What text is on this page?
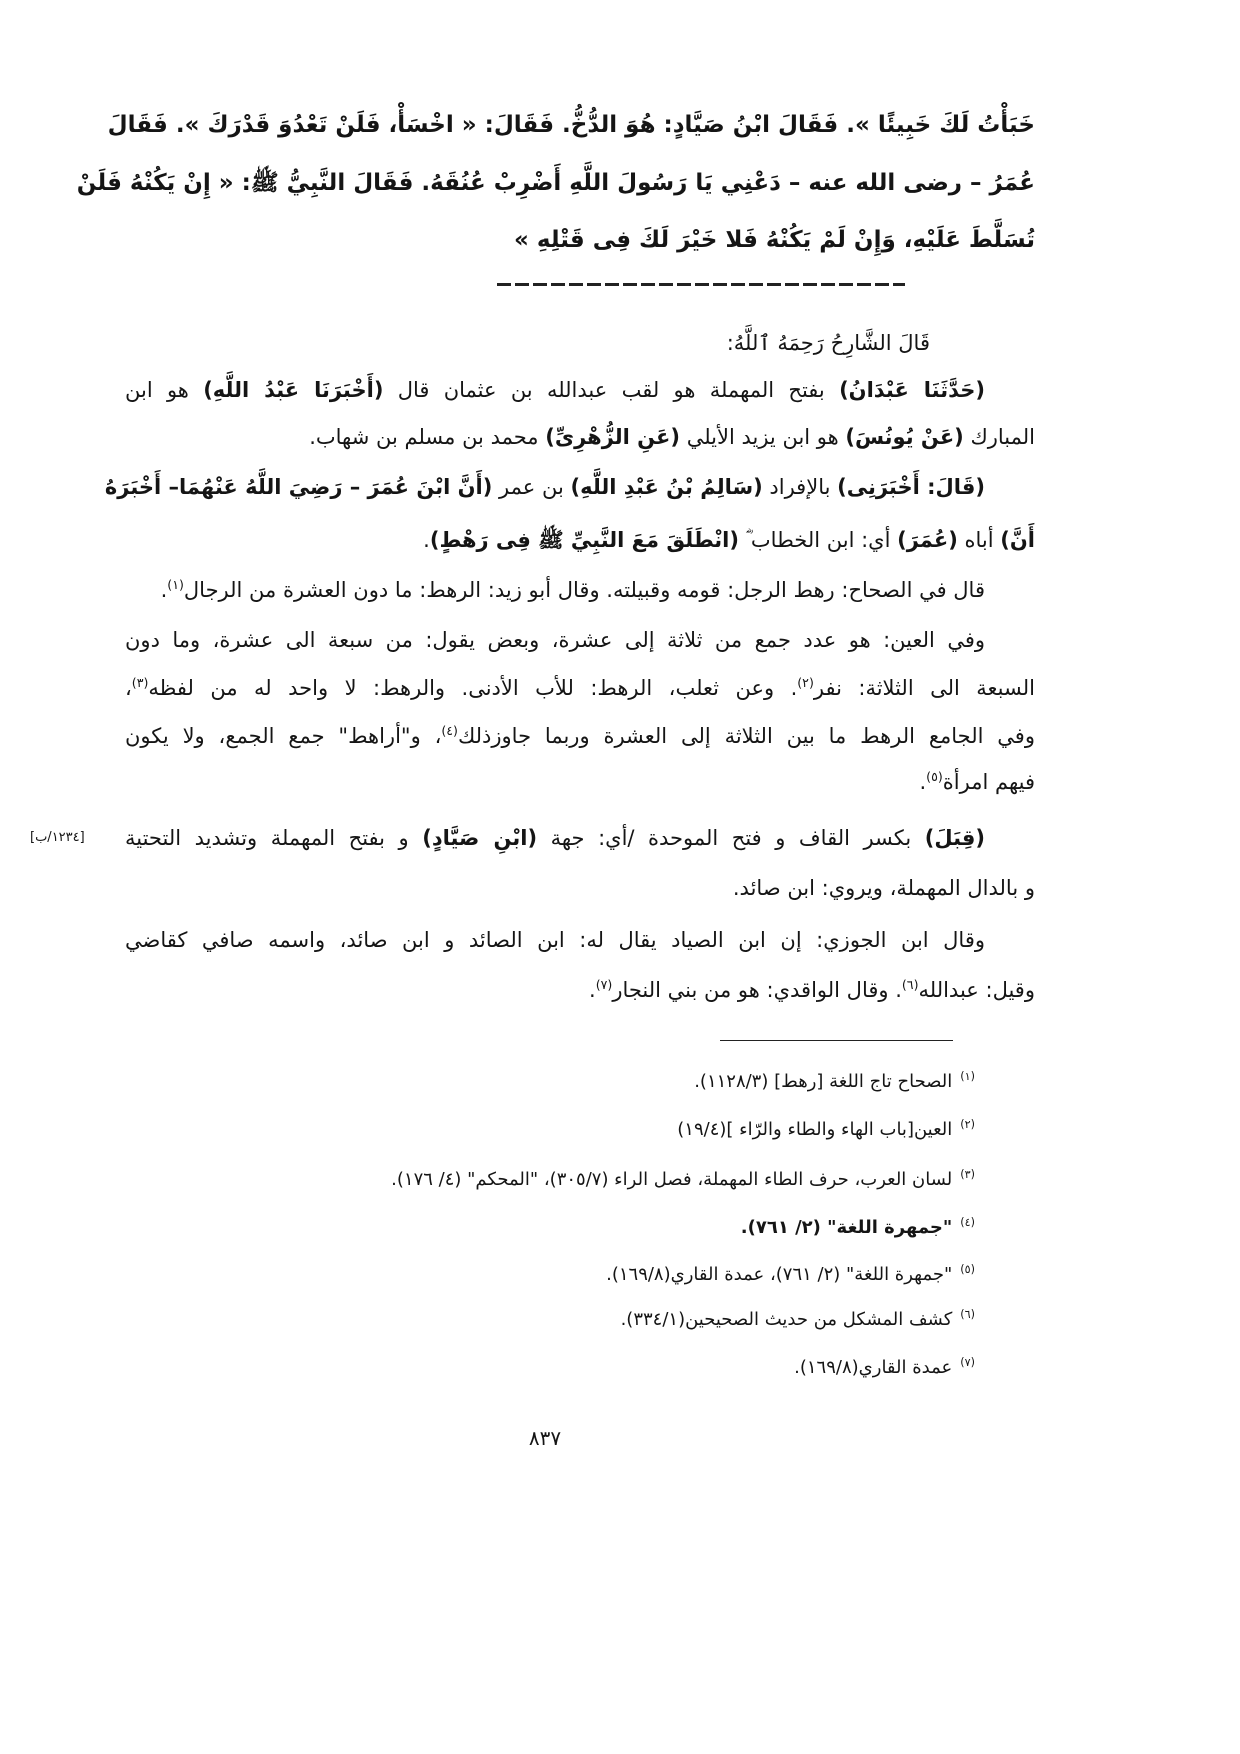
خَبَأْتُ لَكَ خَبِيئًا ». فَقَالَ ابْنُ صَيَّادٍ: هُوَ الدُّخُّ. فَقَالَ: « اخْسَأْ، فَلَنْ تَعْدُوَ قَدْرَكَ ». فَقَالَ
عُمَرُ – رضى الله عنه – دَعْنِي يَا رَسُولَ اللَّهِ أَضْرِبْ عُنُقَهُ. فَقَالَ النَّبِيُّ ﷺ: « إِنْ يَكُنْهُ فَلَنْ
تُسَلَّطَ عَلَيْهِ، وَإِنْ لَمْ يَكُنْهُ فَلا خَيْرَ لَكَ فِى قَتْلِهِ »
قَالَ الشَّارِحُ رَحِمَهُ ٱللَّهُ:
(حَدَّثَنَا عَبْدَانُ) بفتح المهملة هو لقب عبدالله بن عثمان قال (أَخْبَرَنَا عَبْدُ اللَّهِ) هو ابن
المبارك (عَنْ يُونُسَ) هو ابن يزيد الأيلي (عَنِ الزُّهْرِىِّ) محمد بن مسلم بن شهاب.
(قَالَ: أَخْبَرَنِى) بالإفراد (سَالِمُ بْنُ عَبْدِ اللَّهِ) بن عمر (أَنَّ ابْنَ عُمَرَ – رَضِيَ اللَّهُ عَنْهُمَا– أَخْبَرَهُ
أَنَّ) أباه (عُمَرَ) أي: ابن الخطاب ؓ (انْطَلَقَ مَعَ النَّبِيِّ ﷺ فِى رَهْطٍ).
قال في الصحاح: رهط الرجل: قومه وقبيلته. وقال أبو زيد: الرهط: ما دون العشرة من الرجال$^{(١)}$.
وفي العين: هو عدد جمع من ثلاثة إلى عشرة، وبعض يقول: من سبعة الى عشرة، وما دون
السبعة الى الثلاثة: نفر$^{(٢)}$. وعن ثعلب، الرهط: للأب الأدنى. والرهط: لا واحد له من لفظه$^{(٣)}$،
وفي الجامع الرهط ما بين الثلاثة إلى العشرة وربما جاوزذلك$^{(٤)}$، و"أراهط" جمع الجمع، ولا يكون
فيهم امرأة$^{(٥)}$.
(قِبَلَ) بكسر القاف و فتح الموحدة /أي: جهة (ابْنِ صَيَّادٍ) و بفتح المهملة وتشديد التحتية
و بالدال المهملة، ويروي: ابن صائد.
وقال ابن الجوزي: إن ابن الصياد يقال له: ابن الصائد و ابن صائد، واسمه صافي كقاضي
وقيل: عبدالله$^{(٦)}$. وقال الواقدي: هو من بني النجار$^{(٧)}$.
[١٢٣٤/ب]
$^{(١)}$الصحاح تاج اللغة [رهط] (١١٢٨/٣).
$^{(٢)}$العين[باب الهاء والطاء والرّاء ](١٩/٤)
$^{(٣)}$لسان العرب، حرف الطاء المهملة، فصل الراء (٣٠٥/٧)، "المحكم" (٤/ ١٧٦).
$^{(٤)}$"جمهرة اللغة" (٢/ ٧٦١).
$^{(٥)}$"جمهرة اللغة" (٢/ ٧٦١)، عمدة القاري(١٦٩/٨).
$^{(٦)}$كشف المشكل من حديث الصحيحين(٣٣٤/١).
$^{(٧)}$عمدة القاري(١٦٩/٨).
٨٣٧
